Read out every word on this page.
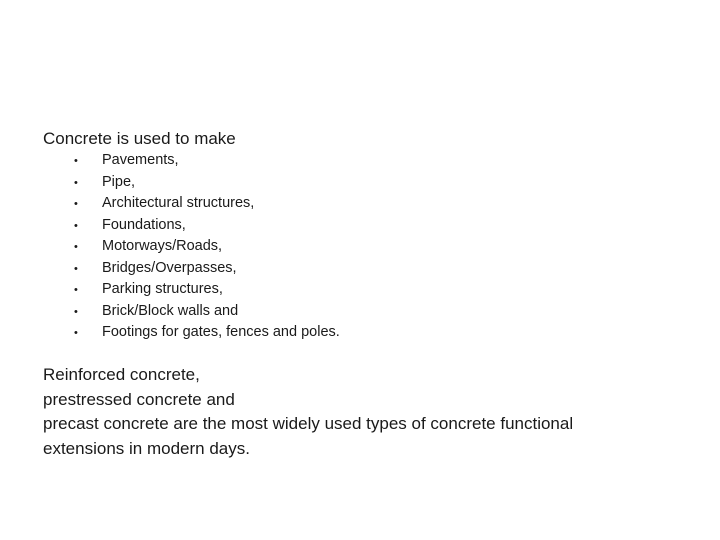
Concrete is used to make
•	Pavements,
•	Pipe,
•	Architectural structures,
•	Foundations,
•	Motorways/Roads,
•	Bridges/Overpasses,
•	Parking structures,
•	Brick/Block walls and
•	Footings for gates, fences and poles.
Reinforced concrete,
prestressed concrete and
precast concrete are the most widely used types of concrete functional
extensions in modern days.
